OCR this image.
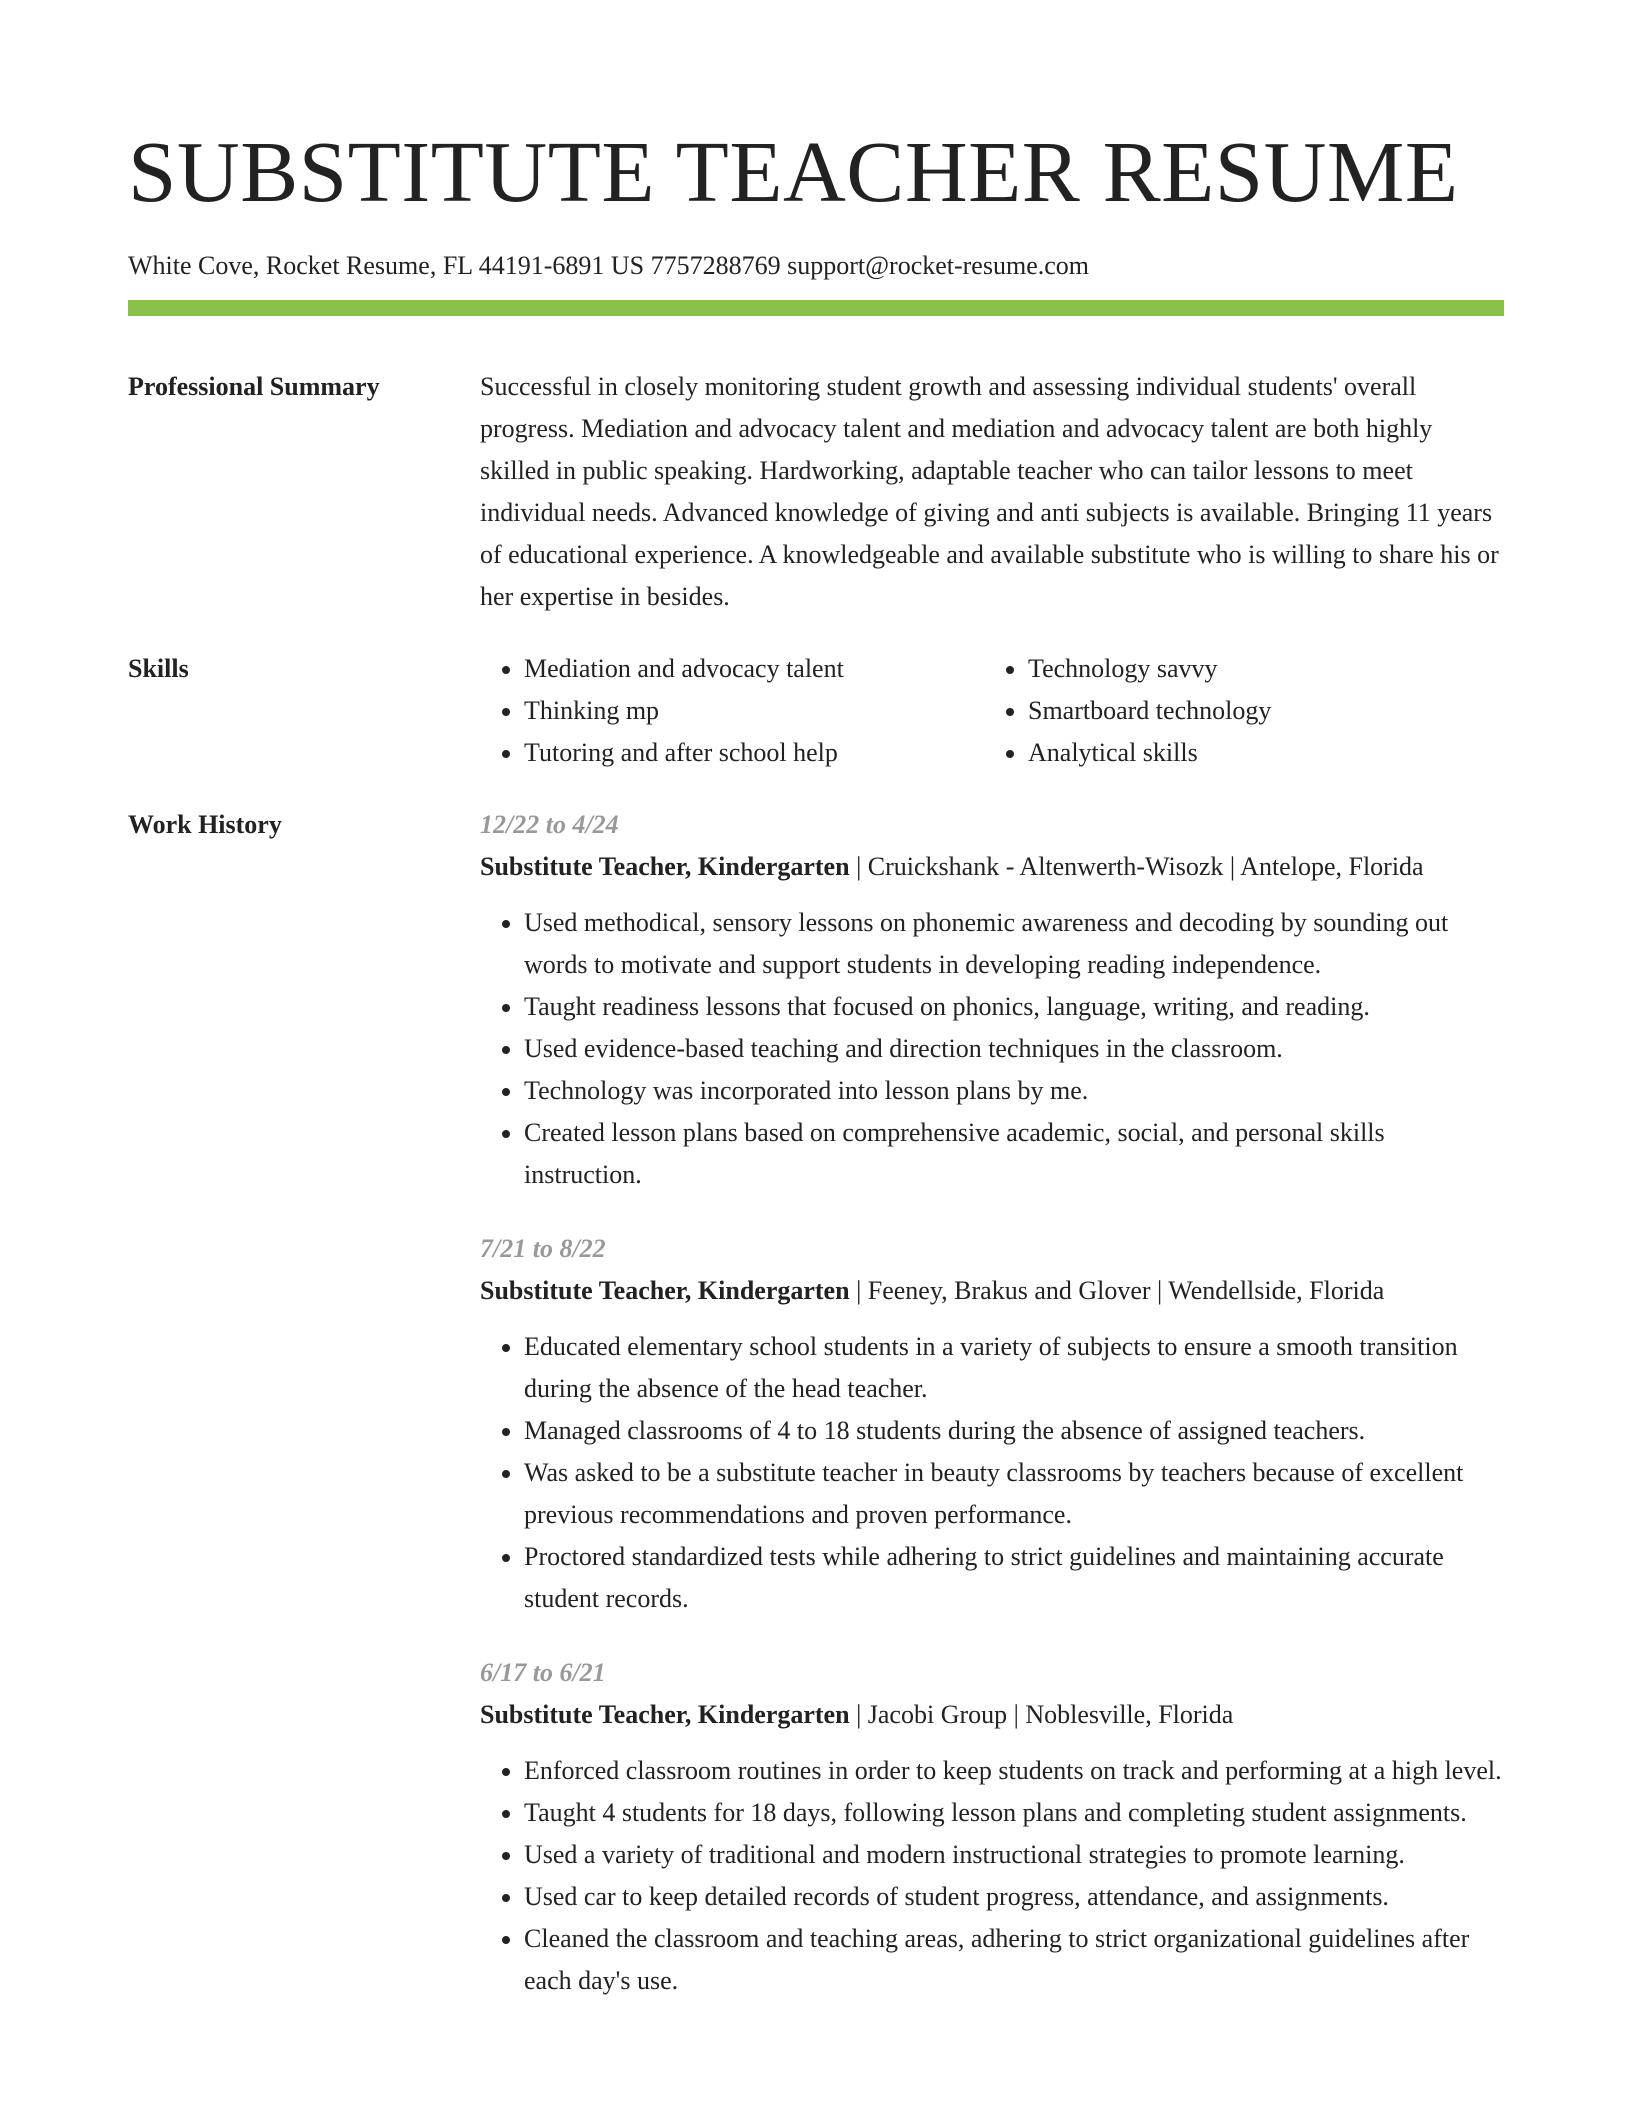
SUBSTITUTE TEACHER RESUME
White Cove, Rocket Resume, FL 44191-6891 US 7757288769 support@rocket-resume.com
Professional Summary	Successful in closely monitoring student growth and assessing individual students' overall progress. Mediation and advocacy talent and mediation and advocacy talent are both highly skilled in public speaking. Hardworking, adaptable teacher who can tailor lessons to meet individual needs. Advanced knowledge of giving and anti subjects is available. Bringing 11 years of educational experience. A knowledgeable and available substitute who is willing to share his or her expertise in besides.

Skills
•	Mediation and advocacy talent
• Thinking mp
• Tutoring and after school help
• Technology savvy
• Smartboard technology
• Analytical skills
Work History	12/22 to 4/24
Substitute Teacher, Kindergarten | Cruickshank - Altenwerth-Wisozk | Antelope, Florida
• Used methodical, sensory lessons on phonemic awareness and decoding by sounding out words to motivate and support students in developing reading independence.
• Taught readiness lessons that focused on phonics, language, writing, and reading.
• Used evidence-based teaching and direction techniques in the classroom.
• Technology was incorporated into lesson plans by me.
• Created lesson plans based on comprehensive academic, social, and personal skills instruction.
7/21 to 8/22
Substitute Teacher, Kindergarten | Feeney, Brakus and Glover | Wendellside, Florida
• Educated elementary school students in a variety of subjects to ensure a smooth transition during the absence of the head teacher.
• Managed classrooms of 4 to 18 students during the absence of assigned teachers.
• Was asked to be a substitute teacher in beauty classrooms by teachers because of excellent previous recommendations and proven performance.
• Proctored standardized tests while adhering to strict guidelines and maintaining accurate student records.
6/17 to 6/21
Substitute Teacher, Kindergarten | Jacobi Group | Noblesville, Florida
• Enforced classroom routines in order to keep students on track and performing at a high level.
• Taught 4 students for 18 days, following lesson plans and completing student assignments.
• Used a variety of traditional and modern instructional strategies to promote learning.
• Used car to keep detailed records of student progress, attendance, and assignments.
• Cleaned the classroom and teaching areas, adhering to strict organizational guidelines after each day's use.
